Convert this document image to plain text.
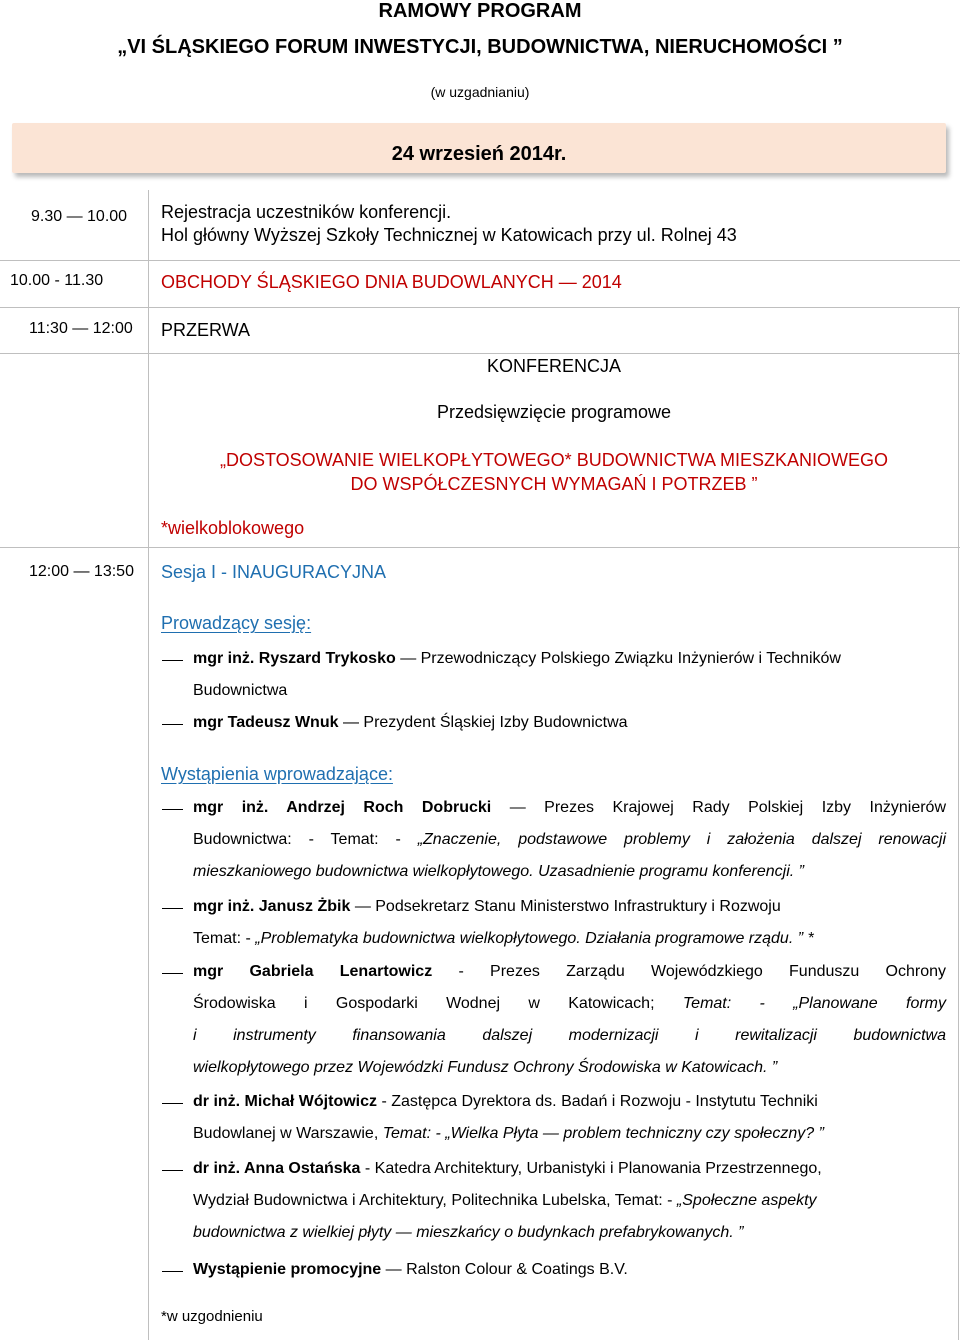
RAMOWY PROGRAM
„VI ŚLĄSKIEGO FORUM INWESTYCJI, BUDOWNICTWA, NIERUCHOMOŚCI ”
(w uzgadnianiu)
24 wrzesień 2014r.
9.30 — 10.00 Rejestracja uczestników konferencji.
Hol główny Wyższej Szkoły Technicznej w Katowicach przy ul. Rolnej 43
10.00 - 11.30	OBCHODY ŚLĄSKIEGO DNIA BUDOWLANYCH — 2014
11:30 — 12:00 PRZERWA
KONFERENCJA
Przedsięwzięcie programowe
„DOSTOSOWANIE WIELKOPŁYTOWEGO* BUDOWNICTWA MIESZKANIOWEGO
DO WSPÓŁCZESNYCH WYMAGAŃ I POTRZEB ”
*wielkoblokowego
12:00 — 13:50 Sesja I - INAUGURACYJNA
Prowadzący sesję:
mgr inż. Ryszard Trykosko — Przewodniczący Polskiego Związku Inżynierów i Techników
Budownictwa
mgr Tadeusz Wnuk — Prezydent Śląskiej Izby Budownictwa
Wystąpienia wprowadzające:
mgr inż. Andrzej Roch Dobrucki — Prezes Krajowej Rady Polskiej Izby Inżynierów
Budownictwa: - Temat: - „Znaczenie, podstawowe problemy i założenia dalszej renowacji
mieszkaniowego budownictwa wielkopłytowego. Uzasadnienie programu konferencji. ”
mgr inż. Janusz Żbik — Podsekretarz Stanu Ministerstwo Infrastruktury i Rozwoju
Temat: - „Problematyka budownictwa wielkopłytowego. Działania programowe rządu. ” *
mgr Gabriela Lenartowicz - Prezes Zarządu Wojewódzkiego Funduszu Ochrony
Środowiska i Gospodarki Wodnej w Katowicach; Temat: - „Planowane formy
i instrumenty finansowania dalszej modernizacji i rewitalizacji budownictwa
wielkopłytowego przez Wojewódzki Fundusz Ochrony Środowiska w Katowicach. ”
dr inż. Michał Wójtowicz - Zastępca Dyrektora ds. Badań i Rozwoju - Instytutu Techniki
Budowlanej w Warszawie, Temat: - „Wielka Płyta — problem techniczny czy społeczny? ”
dr inż. Anna Ostańska - Katedra Architektury, Urbanistyki i Planowania Przestrzennego,
Wydział Budownictwa i Architektury, Politechnika Lubelska, Temat: - „Społeczne aspekty
budownictwa z wielkiej płyty — mieszkańcy o budynkach prefabrykowanych. ”
Wystąpienie promocyjne — Ralston Colour & Coatings B.V.
*w uzgodnieniu
